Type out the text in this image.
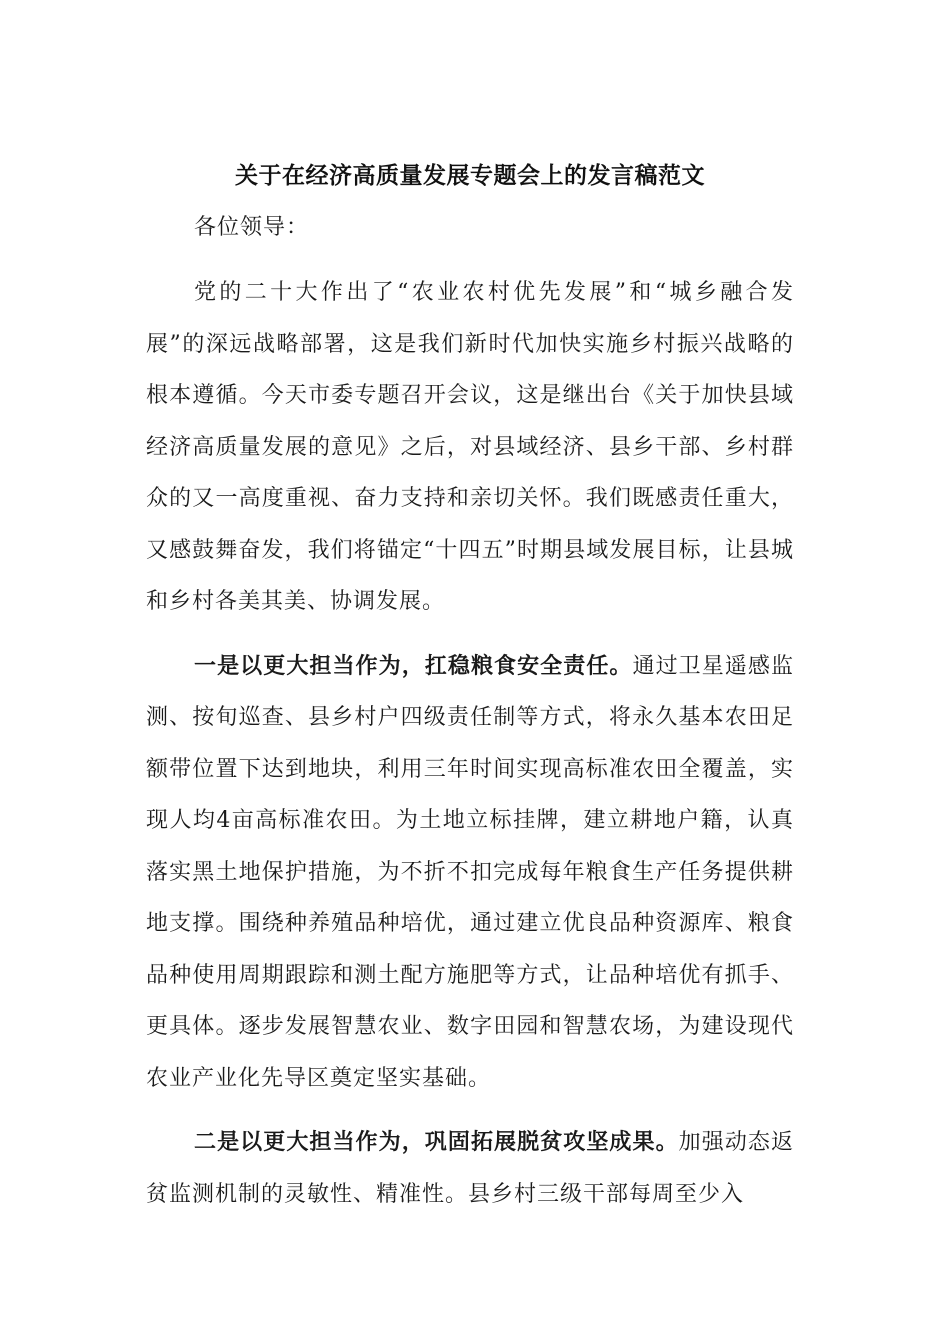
关于在经济高质量发展专题会上的发言稿范文

各位领导：

党的二十大作出了“农业农村优先发展”和“城乡融合发展”的深远战略部署，这是我们新时代加快实施乡村振兴战略的根本遵循。今天市委专题召开会议，这是继出台《关于加快县域经济高质量发展的意见》之后，对县域经济、县乡干部、乡村群众的又一高度重视、奋力支持和亲切关怀。我们既感责任重大，又感鼓舞奋发，我们将锚定“十四五”时期县域发展目标，让县城和乡村各美其美、协调发展。

一是以更大担当作为，扛稳粮食安全责任。通过卫星遥感监测、按旬巡查、县乡村户四级责任制等方式，将永久基本农田足额带位置下达到地块，利用三年时间实现高标准农田全覆盖，实现人均4亩高标准农田。为土地立标挂牌，建立耕地户籍，认真落实黑土地保护措施，为不折不扣完成每年粮食生产任务提供耕地支撑。围绕种养殖品种培优，通过建立优良品种资源库、粮食品种使用周期跟踪和测土配方施肥等方式，让品种培优有抓手、更具体。逐步发展智慧农业、数字田园和智慧农场，为建设现代农业产业化先导区奠定坚实基础。

二是以更大担当作为，巩固拓展脱贫攻坚成果。加强动态返贫监测机制的灵敏性、精准性。县乡村三级干部每周至少入
